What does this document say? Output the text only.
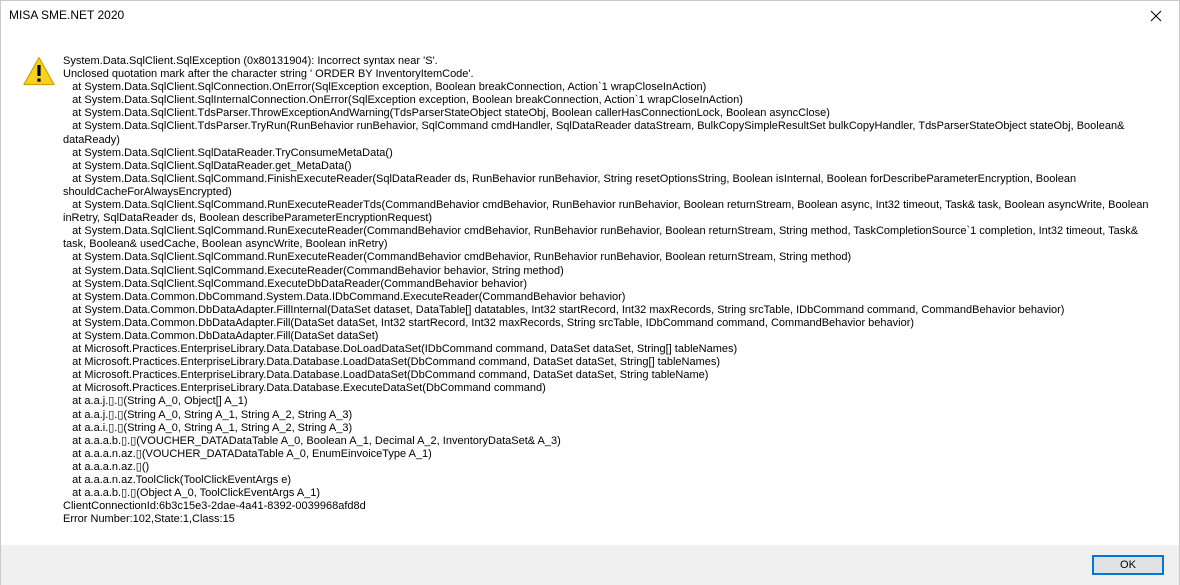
MISA SME.NET 2020
System.Data.SqlClient.SqlException (0x80131904): Incorrect syntax near 'S'.
Unclosed quotation mark after the character string ' ORDER BY InventoryItemCode'.
at System.Data.SqlClient.SqlConnection.OnError(SqlException exception, Boolean breakConnection, Action`1 wrapCloseInAction)
at System.Data.SqlClient.SqlInternalConnection.OnError(SqlException exception, Boolean breakConnection, Action`1 wrapCloseInAction)
at System.Data.SqlClient.TdsParser.ThrowExceptionAndWarning(TdsParserStateObject stateObj, Boolean callerHasConnectionLock, Boolean asyncClose)
at System.Data.SqlClient.TdsParser.TryRun(RunBehavior runBehavior, SqlCommand cmdHandler, SqlDataReader dataStream, BulkCopySimpleResultSet bulkCopyHandler, TdsParserStateObject stateObj, Boolean& dataReady)
at System.Data.SqlClient.SqlDataReader.TryConsumeMetaData()
at System.Data.SqlClient.SqlDataReader.get_MetaData()
at System.Data.SqlClient.SqlCommand.FinishExecuteReader(SqlDataReader ds, RunBehavior runBehavior, String resetOptionsString, Boolean isInternal, Boolean forDescribeParameterEncryption, Boolean shouldCacheForAlwaysEncrypted)
at System.Data.SqlClient.SqlCommand.RunExecuteReaderTds(CommandBehavior cmdBehavior, RunBehavior runBehavior, Boolean returnStream, Boolean async, Int32 timeout, Task& task, Boolean asyncWrite, Boolean inRetry, SqlDataReader ds, Boolean describeParameterEncryptionRequest)
at System.Data.SqlClient.SqlCommand.RunExecuteReader(CommandBehavior cmdBehavior, RunBehavior runBehavior, Boolean returnStream, String method, TaskCompletionSource`1 completion, Int32 timeout, Task& task, Boolean& usedCache, Boolean asyncWrite, Boolean inRetry)
at System.Data.SqlClient.SqlCommand.RunExecuteReader(CommandBehavior cmdBehavior, RunBehavior runBehavior, Boolean returnStream, String method)
at System.Data.SqlClient.SqlCommand.ExecuteReader(CommandBehavior behavior, String method)
at System.Data.SqlClient.SqlCommand.ExecuteDbDataReader(CommandBehavior behavior)
at System.Data.Common.DbCommand.System.Data.IDbCommand.ExecuteReader(CommandBehavior behavior)
at System.Data.Common.DbDataAdapter.FillInternal(DataSet dataset, DataTable[] datatables, Int32 startRecord, Int32 maxRecords, String srcTable, IDbCommand command, CommandBehavior behavior)
at System.Data.Common.DbDataAdapter.Fill(DataSet dataSet, Int32 startRecord, Int32 maxRecords, String srcTable, IDbCommand command, CommandBehavior behavior)
at System.Data.Common.DbDataAdapter.Fill(DataSet dataSet)
at Microsoft.Practices.EnterpriseLibrary.Data.Database.DoLoadDataSet(IDbCommand command, DataSet dataSet, String[] tableNames)
at Microsoft.Practices.EnterpriseLibrary.Data.Database.LoadDataSet(DbCommand command, DataSet dataSet, String[] tableNames)
at Microsoft.Practices.EnterpriseLibrary.Data.Database.LoadDataSet(DbCommand command, DataSet dataSet, String tableName)
at Microsoft.Practices.EnterpriseLibrary.Data.Database.ExecuteDataSet(DbCommand command)
at a.a.j.▯.▯(String A_0, Object[] A_1)
at a.a.j.▯.▯(String A_0, String A_1, String A_2, String A_3)
at a.a.i.▯.▯(String A_0, String A_1, String A_2, String A_3)
at a.a.a.b.▯.▯(VOUCHER_DATADataTable A_0, Boolean A_1, Decimal A_2, InventoryDataSet& A_3)
at a.a.a.n.az.▯(VOUCHER_DATADataTable A_0, EnumEinvoiceType A_1)
at a.a.a.n.az.▯()
at a.a.a.n.az.ToolClick(ToolClickEventArgs e)
at a.a.a.b.▯.▯(Object A_0, ToolClickEventArgs A_1)
ClientConnectionId:6b3c15e3-2dae-4a41-8392-0039968afd8d
Error Number:102,State:1,Class:15
OK
